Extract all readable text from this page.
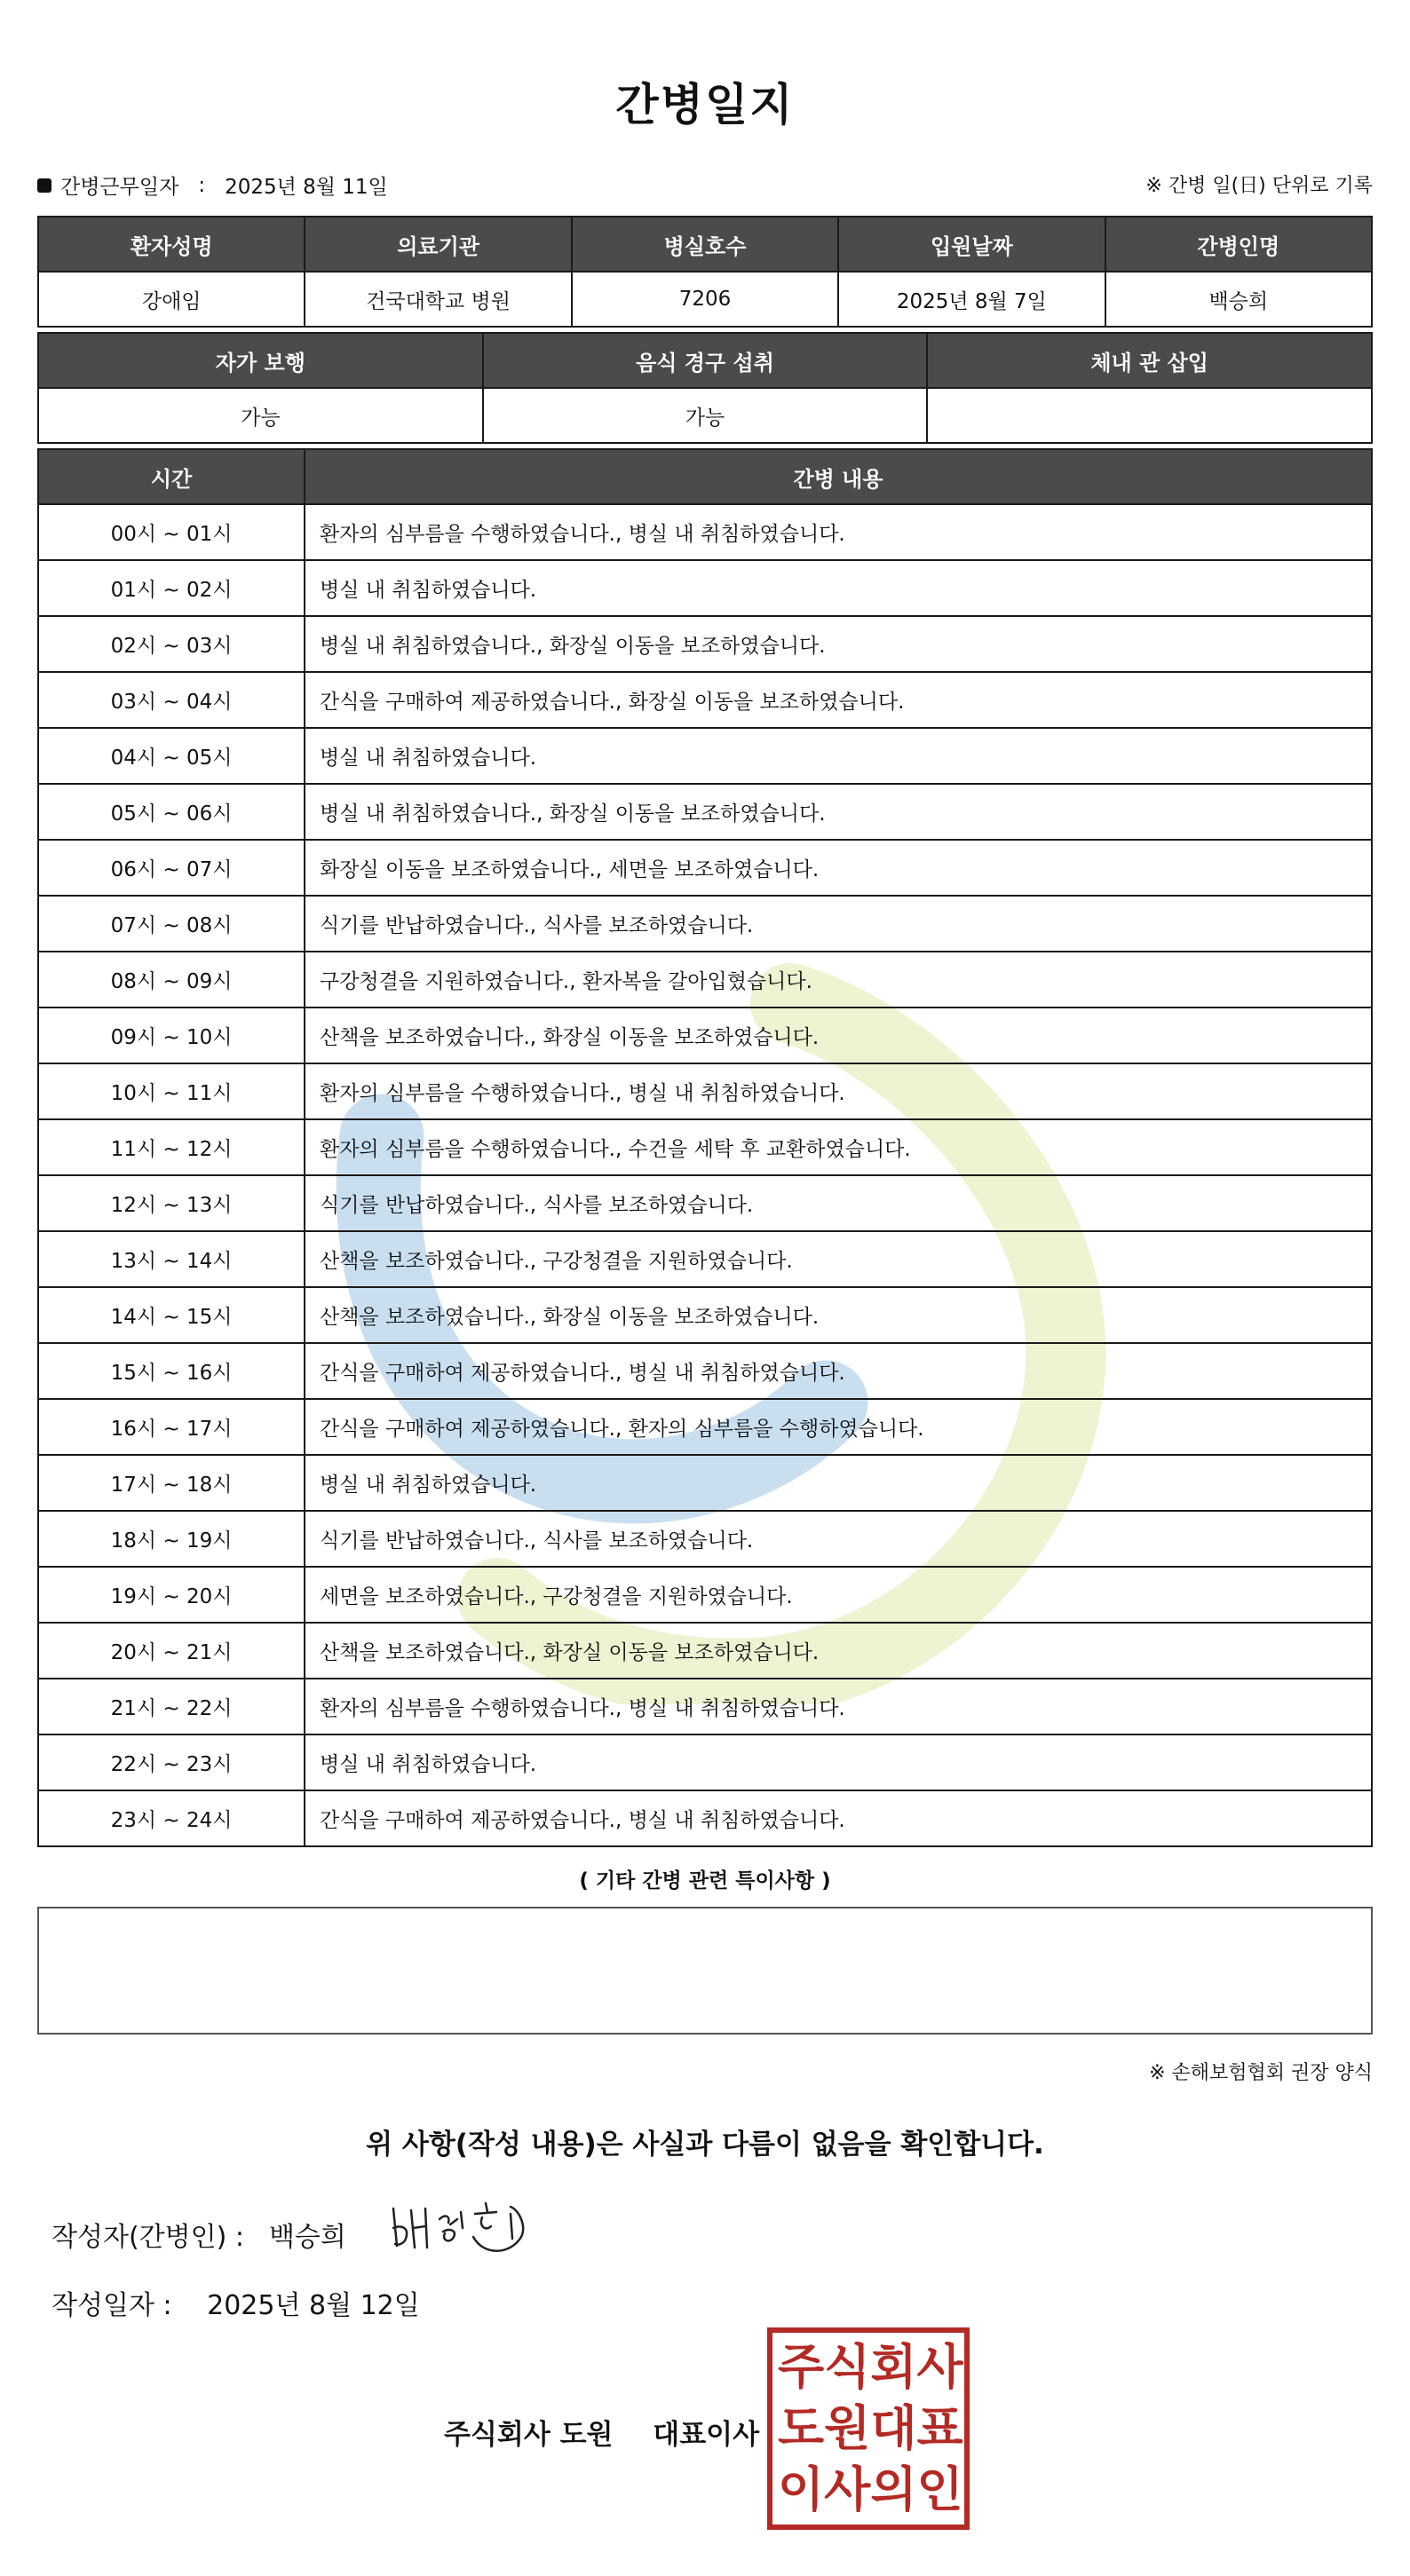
간병일지
간병근무일자 : 2025년 8월 11일	※ 간병 일(日) 단위로 기록
환자성명	의료기관	병실호수	입원날짜	간병인명
강애임	건국대학교 병원	7206	2025년 8월 7일	백승희
자가 보행	음식 경구 섭취	체내 관 삽입
가능	가능	
시간	간병 내용
00시 ~ 01시	환자의 심부름을 수행하였습니다., 병실 내 취침하였습니다.
01시 ~ 02시	병실 내 취침하였습니다.
02시 ~ 03시	병실 내 취침하였습니다., 화장실 이동을 보조하였습니다.
03시 ~ 04시	간식을 구매하여 제공하였습니다., 화장실 이동을 보조하였습니다.
04시 ~ 05시	병실 내 취침하였습니다.
05시 ~ 06시	병실 내 취침하였습니다., 화장실 이동을 보조하였습니다.
06시 ~ 07시	화장실 이동을 보조하였습니다., 세면을 보조하였습니다.
07시 ~ 08시	식기를 반납하였습니다., 식사를 보조하였습니다.
08시 ~ 09시	구강청결을 지원하였습니다., 환자복을 갈아입혔습니다.
09시 ~ 10시	산책을 보조하였습니다., 화장실 이동을 보조하였습니다.
10시 ~ 11시	환자의 심부름을 수행하였습니다., 병실 내 취침하였습니다.
11시 ~ 12시	환자의 심부름을 수행하였습니다., 수건을 세탁 후 교환하였습니다.
12시 ~ 13시	식기를 반납하였습니다., 식사를 보조하였습니다.
13시 ~ 14시	산책을 보조하였습니다., 구강청결을 지원하였습니다.
14시 ~ 15시	산책을 보조하였습니다., 화장실 이동을 보조하였습니다.
15시 ~ 16시	간식을 구매하여 제공하였습니다., 병실 내 취침하였습니다.
16시 ~ 17시	간식을 구매하여 제공하였습니다., 환자의 심부름을 수행하였습니다.
17시 ~ 18시	병실 내 취침하였습니다.
18시 ~ 19시	식기를 반납하였습니다., 식사를 보조하였습니다.
19시 ~ 20시	세면을 보조하였습니다., 구강청결을 지원하였습니다.
20시 ~ 21시	산책을 보조하였습니다., 화장실 이동을 보조하였습니다.
21시 ~ 22시	환자의 심부름을 수행하였습니다., 병실 내 취침하였습니다.
22시 ~ 23시	병실 내 취침하였습니다.
23시 ~ 24시	간식을 구매하여 제공하였습니다., 병실 내 취침하였습니다.
( 기타 간병 관련 특이사항 )
※ 손해보험협회 권장 양식
위 사항(작성 내용)은 사실과 다름이 없음을 확인합니다.
작성자(간병인) : 백승희
작성일자 : 2025년 8월 12일
주식회사 도원 대표이사
주 식 회 사
도 원 대 표
이 사 의 인
